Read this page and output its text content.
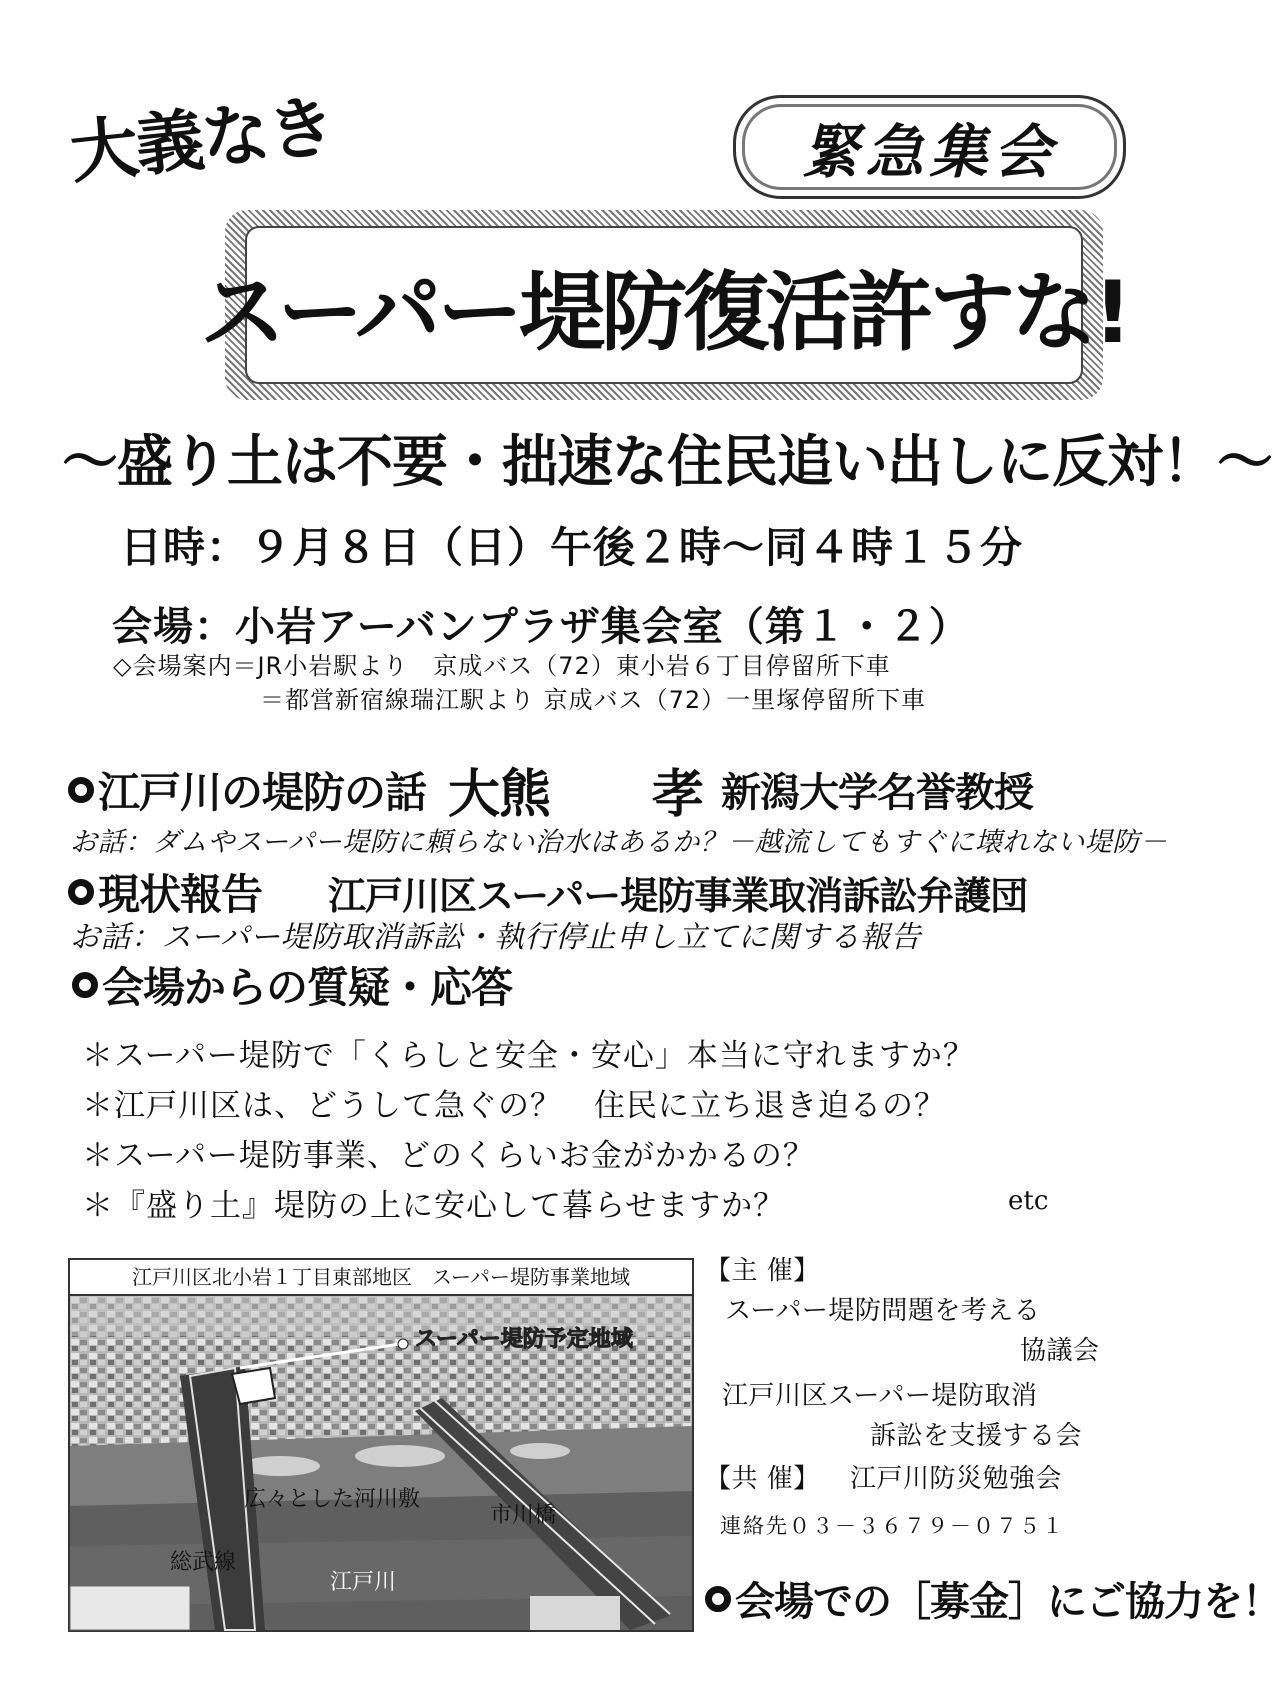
大義なき	緊急集会
スーパー堤防復活許すな!
～盛り土は不要・拙速な住民追い出しに反対！～
日時：９月８日（日）午後２時～同４時１５分
会場：小岩アーバンプラザ集会室（第１・２）
◇会場案内＝JR小岩駅より　京成バス（72）東小岩６丁目停留所下車
＝都営新宿線瑞江駅より 京成バス（72）一里塚停留所下車
江戸川の堤防の話 大熊　　孝 新潟大学名誉教授
お話：ダムやスーパー堤防に頼らない治水はあるか？－越流してもすぐに壊れない堤防－
現状報告 江戸川区スーパー堤防事業取消訴訟弁護団
お話：スーパー堤防取消訴訟・執行停止申し立てに関する報告
会場からの質疑・応答
＊スーパー堤防で「くらしと安全・安心」本当に守れますか？
＊江戸川区は、どうして急ぐの？　住民に立ち退き迫るの？
＊スーパー堤防事業、どのくらいお金がかかるの？
＊『盛り土』堤防の上に安心して暮らせますか？	etc
江戸川区北小岩１丁目東部地区　スーパー堤防事業地域
スーパー堤防予定地域
広々とした河川敷
市川橋
総武線
江戸川
【主 催】
スーパー堤防問題を考える
協議会
江戸川区スーパー堤防取消
訴訟を支援する会
【共 催】 江戸川防災勉強会
連絡先０３－３６７９－０７５１
会場での［募金］にご協力を！
